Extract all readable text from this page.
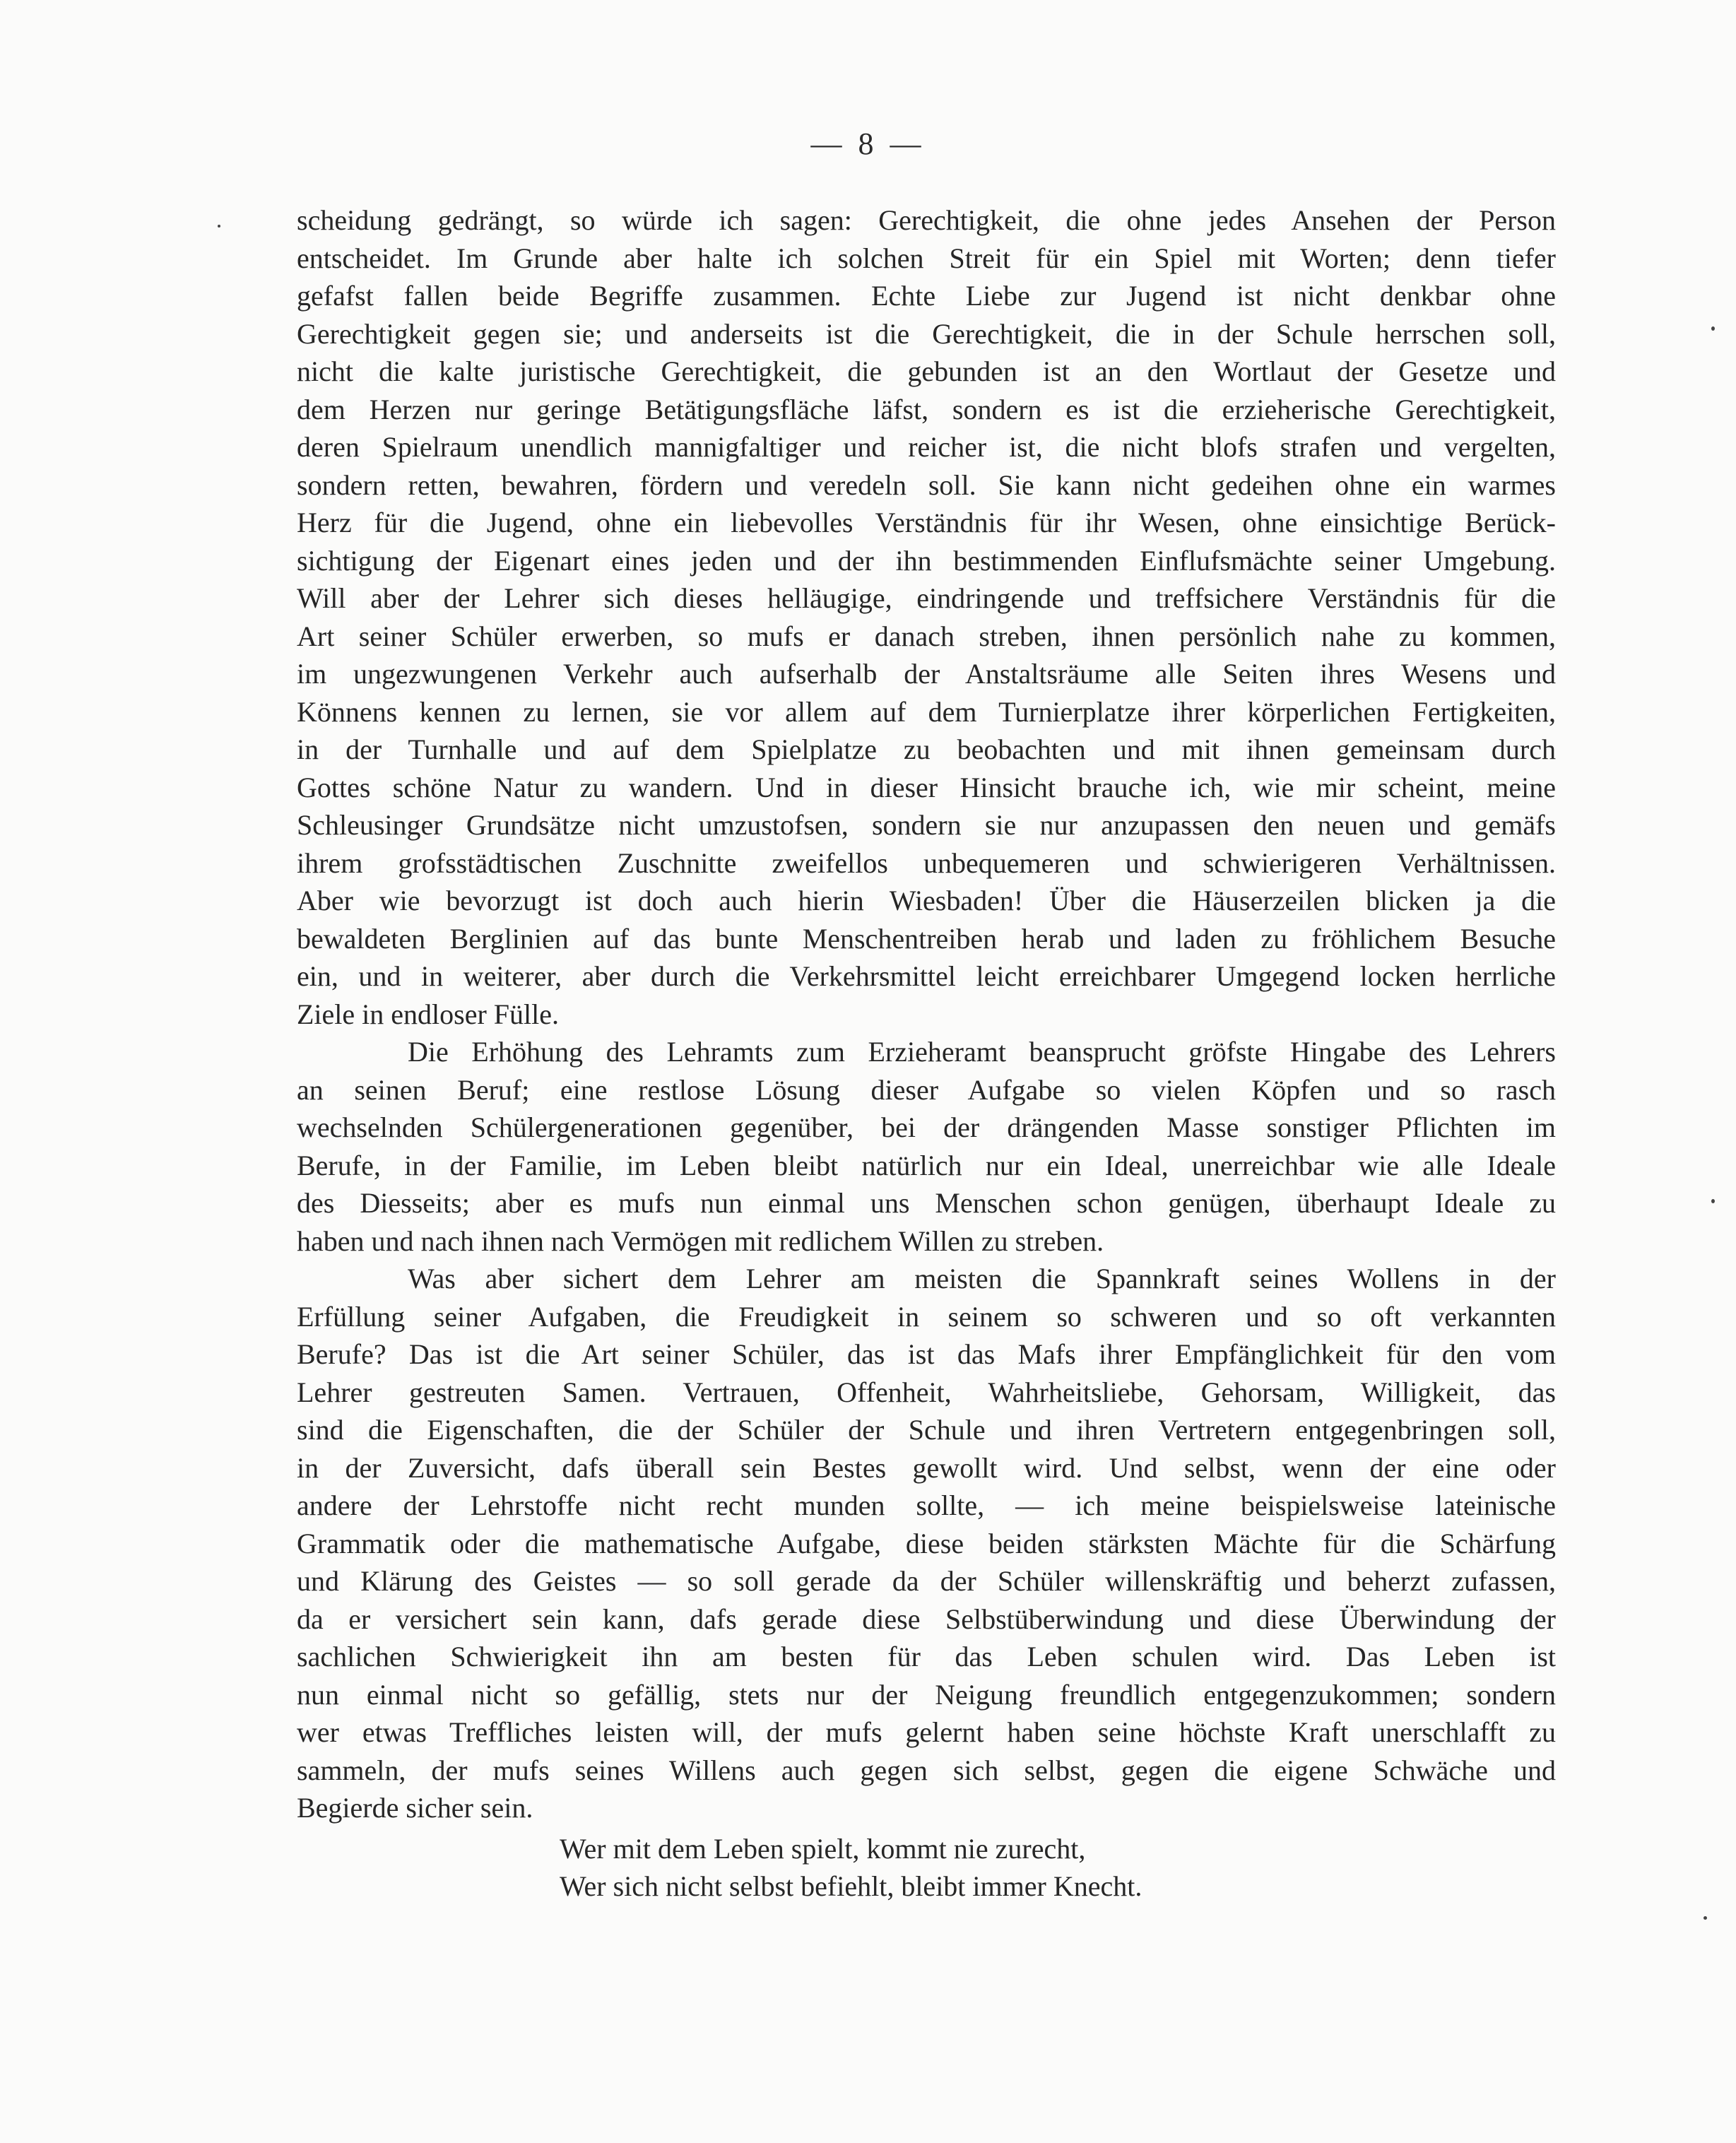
— 8 —
scheidung gedrängt, so würde ich sagen: Gerechtigkeit, die ohne jedes Ansehen der Person
entscheidet. Im Grunde aber halte ich solchen Streit für ein Spiel mit Worten; denn tiefer
gefafst fallen beide Begriffe zusammen. Echte Liebe zur Jugend ist nicht denkbar ohne
Gerechtigkeit gegen sie; und anderseits ist die Gerechtigkeit, die in der Schule herrschen soll,
nicht die kalte juristische Gerechtigkeit, die gebunden ist an den Wortlaut der Gesetze und
dem Herzen nur geringe Betätigungsfläche läfst, sondern es ist die erzieherische Gerechtigkeit,
deren Spielraum unendlich mannigfaltiger und reicher ist, die nicht blofs strafen und vergelten,
sondern retten, bewahren, fördern und veredeln soll. Sie kann nicht gedeihen ohne ein warmes
Herz für die Jugend, ohne ein liebevolles Verständnis für ihr Wesen, ohne einsichtige Berück-
sichtigung der Eigenart eines jeden und der ihn bestimmenden Einflufsmächte seiner Umgebung.
Will aber der Lehrer sich dieses helläugige, eindringende und treffsichere Verständnis für die
Art seiner Schüler erwerben, so mufs er danach streben, ihnen persönlich nahe zu kommen,
im ungezwungenen Verkehr auch aufserhalb der Anstaltsräume alle Seiten ihres Wesens und
Könnens kennen zu lernen, sie vor allem auf dem Turnierplatze ihrer körperlichen Fertigkeiten,
in der Turnhalle und auf dem Spielplatze zu beobachten und mit ihnen gemeinsam durch
Gottes schöne Natur zu wandern. Und in dieser Hinsicht brauche ich, wie mir scheint, meine
Schleusinger Grundsätze nicht umzustofsen, sondern sie nur anzupassen den neuen und gemäfs
ihrem grofsstädtischen Zuschnitte zweifellos unbequemeren und schwierigeren Verhältnissen.
Aber wie bevorzugt ist doch auch hierin Wiesbaden! Über die Häuserzeilen blicken ja die
bewaldeten Berglinien auf das bunte Menschentreiben herab und laden zu fröhlichem Besuche
ein, und in weiterer, aber durch die Verkehrsmittel leicht erreichbarer Umgegend locken herrliche
Ziele in endloser Fülle.
Die Erhöhung des Lehramts zum Erzieheramt beansprucht gröfste Hingabe des Lehrers
an seinen Beruf; eine restlose Lösung dieser Aufgabe so vielen Köpfen und so rasch
wechselnden Schülergenerationen gegenüber, bei der drängenden Masse sonstiger Pflichten im
Berufe, in der Familie, im Leben bleibt natürlich nur ein Ideal, unerreichbar wie alle Ideale
des Diesseits; aber es mufs nun einmal uns Menschen schon genügen, überhaupt Ideale zu
haben und nach ihnen nach Vermögen mit redlichem Willen zu streben.
Was aber sichert dem Lehrer am meisten die Spannkraft seines Wollens in der
Erfüllung seiner Aufgaben, die Freudigkeit in seinem so schweren und so oft verkannten
Berufe? Das ist die Art seiner Schüler, das ist das Mafs ihrer Empfänglichkeit für den vom
Lehrer gestreuten Samen. Vertrauen, Offenheit, Wahrheitsliebe, Gehorsam, Willigkeit, das
sind die Eigenschaften, die der Schüler der Schule und ihren Vertretern entgegenbringen soll,
in der Zuversicht, dafs überall sein Bestes gewollt wird. Und selbst, wenn der eine oder
andere der Lehrstoffe nicht recht munden sollte, — ich meine beispielsweise lateinische
Grammatik oder die mathematische Aufgabe, diese beiden stärksten Mächte für die Schärfung
und Klärung des Geistes — so soll gerade da der Schüler willenskräftig und beherzt zufassen,
da er versichert sein kann, dafs gerade diese Selbstüberwindung und diese Überwindung der
sachlichen Schwierigkeit ihn am besten für das Leben schulen wird. Das Leben ist
nun einmal nicht so gefällig, stets nur der Neigung freundlich entgegenzukommen; sondern
wer etwas Treffliches leisten will, der mufs gelernt haben seine höchste Kraft unerschlafft zu
sammeln, der mufs seines Willens auch gegen sich selbst, gegen die eigene Schwäche und
Begierde sicher sein.
Wer mit dem Leben spielt, kommt nie zurecht,
Wer sich nicht selbst befiehlt, bleibt immer Knecht.
